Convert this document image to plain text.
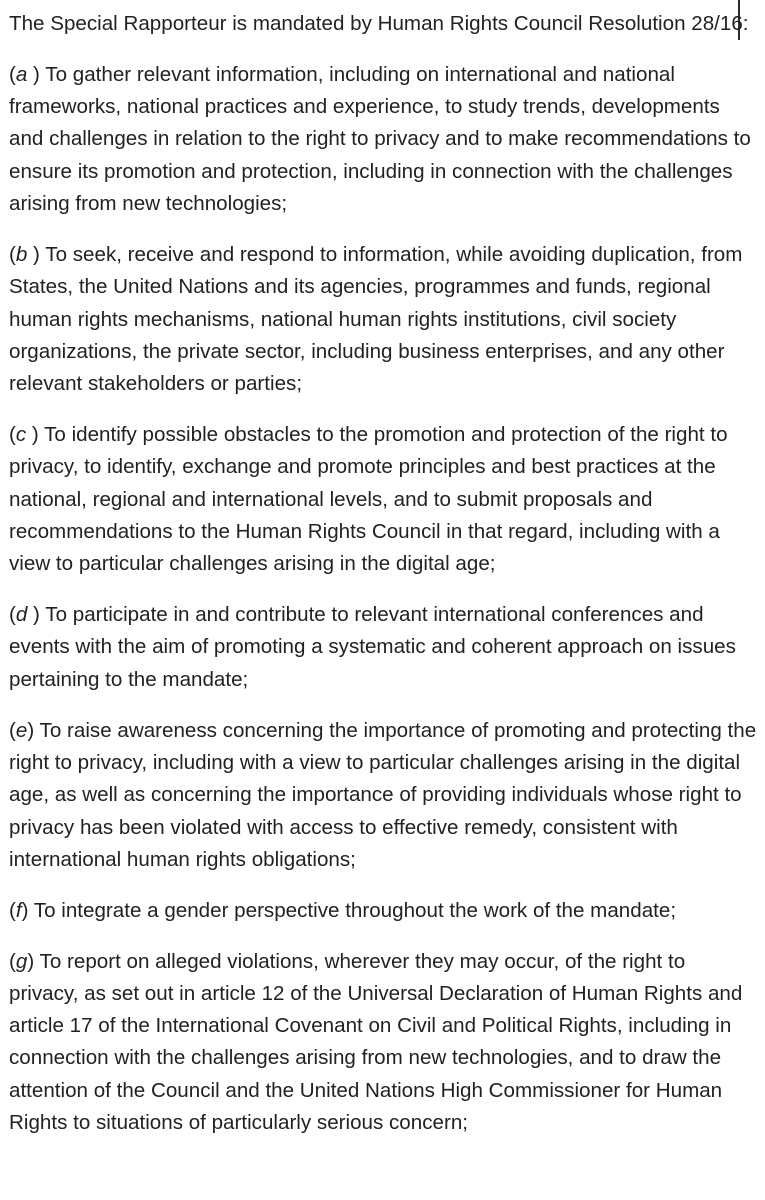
The Special Rapporteur is mandated by Human Rights Council Resolution 28/16:

(a ) To gather relevant information, including on international and national frameworks, national practices and experience, to study trends, developments and challenges in relation to the right to privacy and to make recommendations to ensure its promotion and protection, including in connection with the challenges arising from new technologies;

(b ) To seek, receive and respond to information, while avoiding duplication, from States, the United Nations and its agencies, programmes and funds, regional human rights mechanisms, national human rights institutions, civil society organizations, the private sector, including business enterprises, and any other relevant stakeholders or parties;

(c ) To identify possible obstacles to the promotion and protection of the right to privacy, to identify, exchange and promote principles and best practices at the national, regional and international levels, and to submit proposals and recommendations to the Human Rights Council in that regard, including with a view to particular challenges arising in the digital age;

(d ) To participate in and contribute to relevant international conferences and events with the aim of promoting a systematic and coherent approach on issues pertaining to the mandate;

(e) To raise awareness concerning the importance of promoting and protecting the right to privacy, including with a view to particular challenges arising in the digital age, as well as concerning the importance of providing individuals whose right to privacy has been violated with access to effective remedy, consistent with international human rights obligations;

(f) To integrate a gender perspective throughout the work of the mandate;

(g) To report on alleged violations, wherever they may occur, of the right to privacy, as set out in article 12 of the Universal Declaration of Human Rights and article 17 of the International Covenant on Civil and Political Rights, including in connection with the challenges arising from new technologies, and to draw the attention of the Council and the United Nations High Commissioner for Human Rights to situations of particularly serious concern;
